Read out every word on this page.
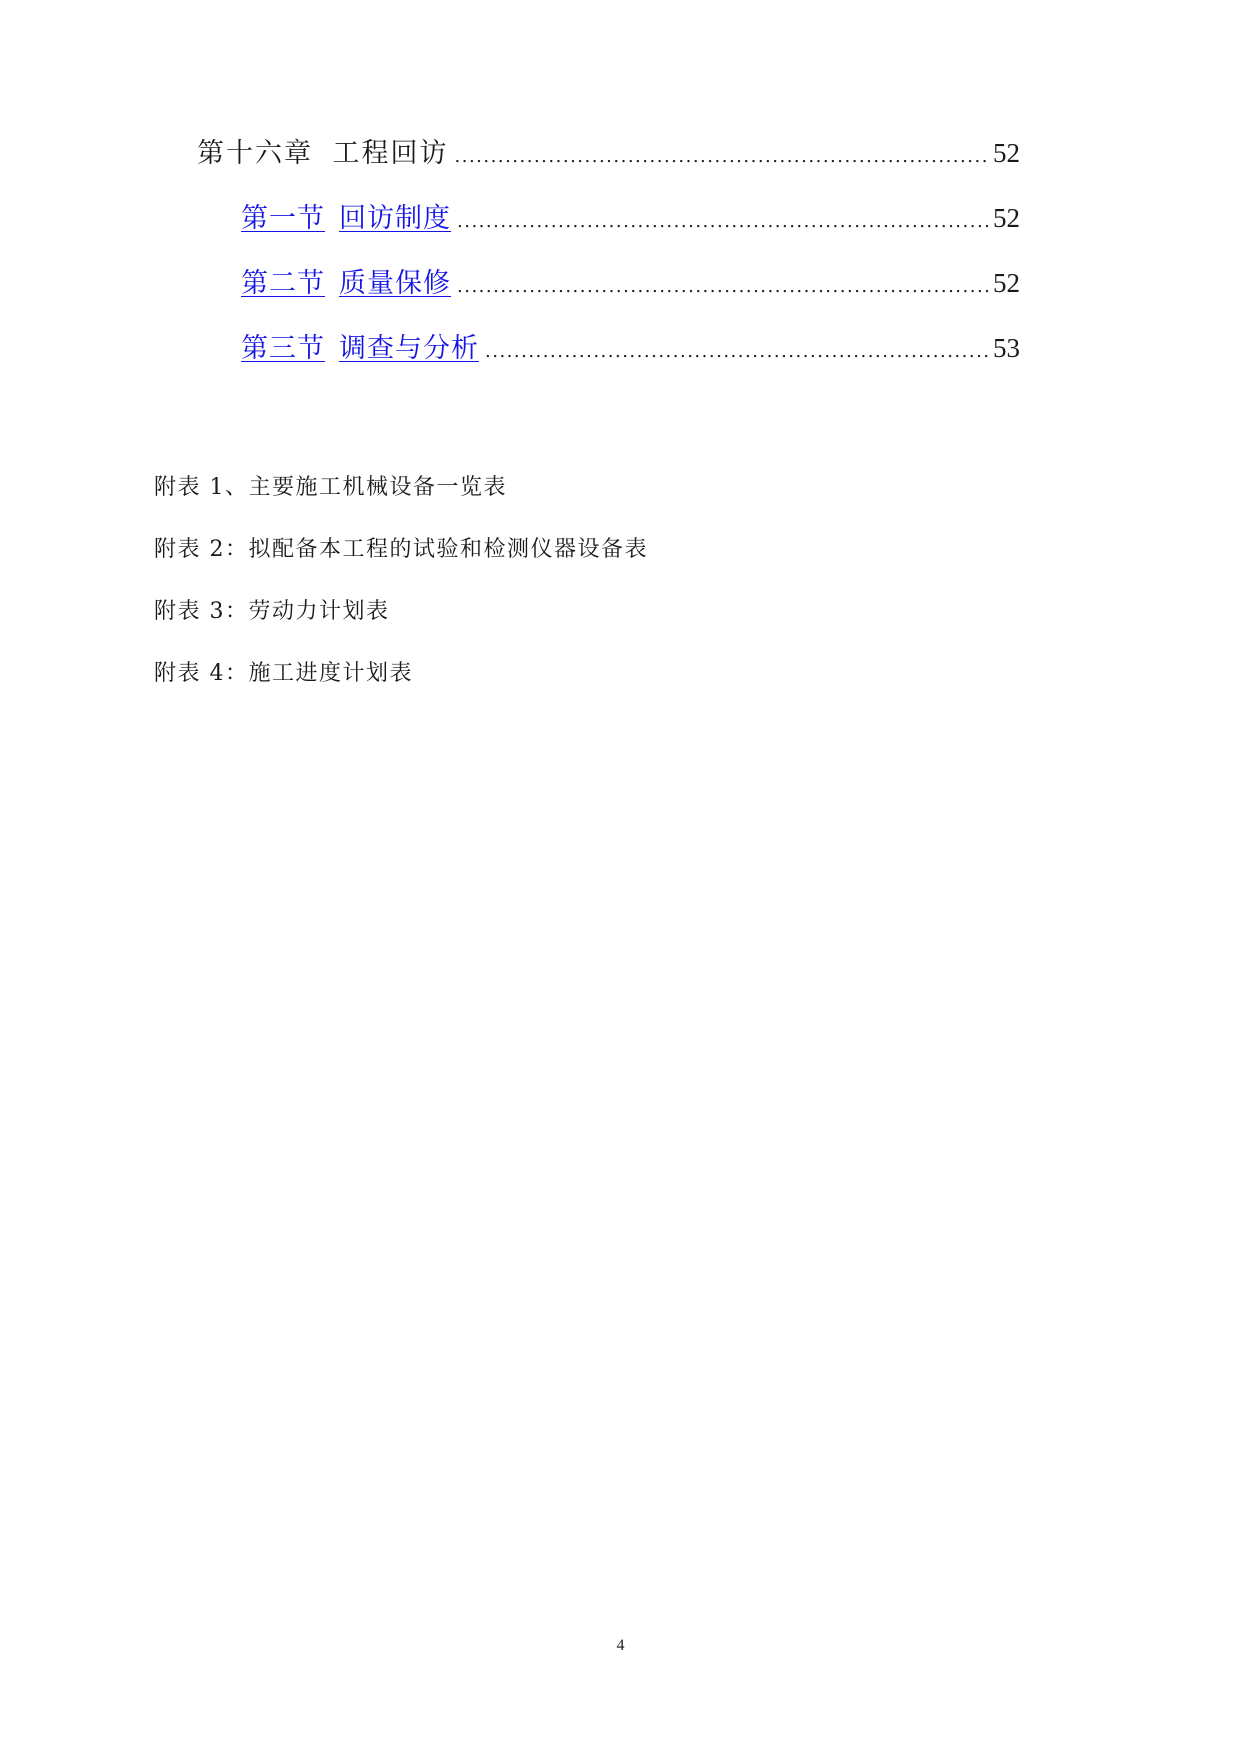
第十六章 工程回访 .....	52
第一节 回访制度 .....	52
第二节 质量保修 .....	52
第三节 调查与分析 .....	53
附表 1、主要施工机械设备一览表
附表 2：拟配备本工程的试验和检测仪器设备表
附表 3：劳动力计划表
附表 4：施工进度计划表
4
